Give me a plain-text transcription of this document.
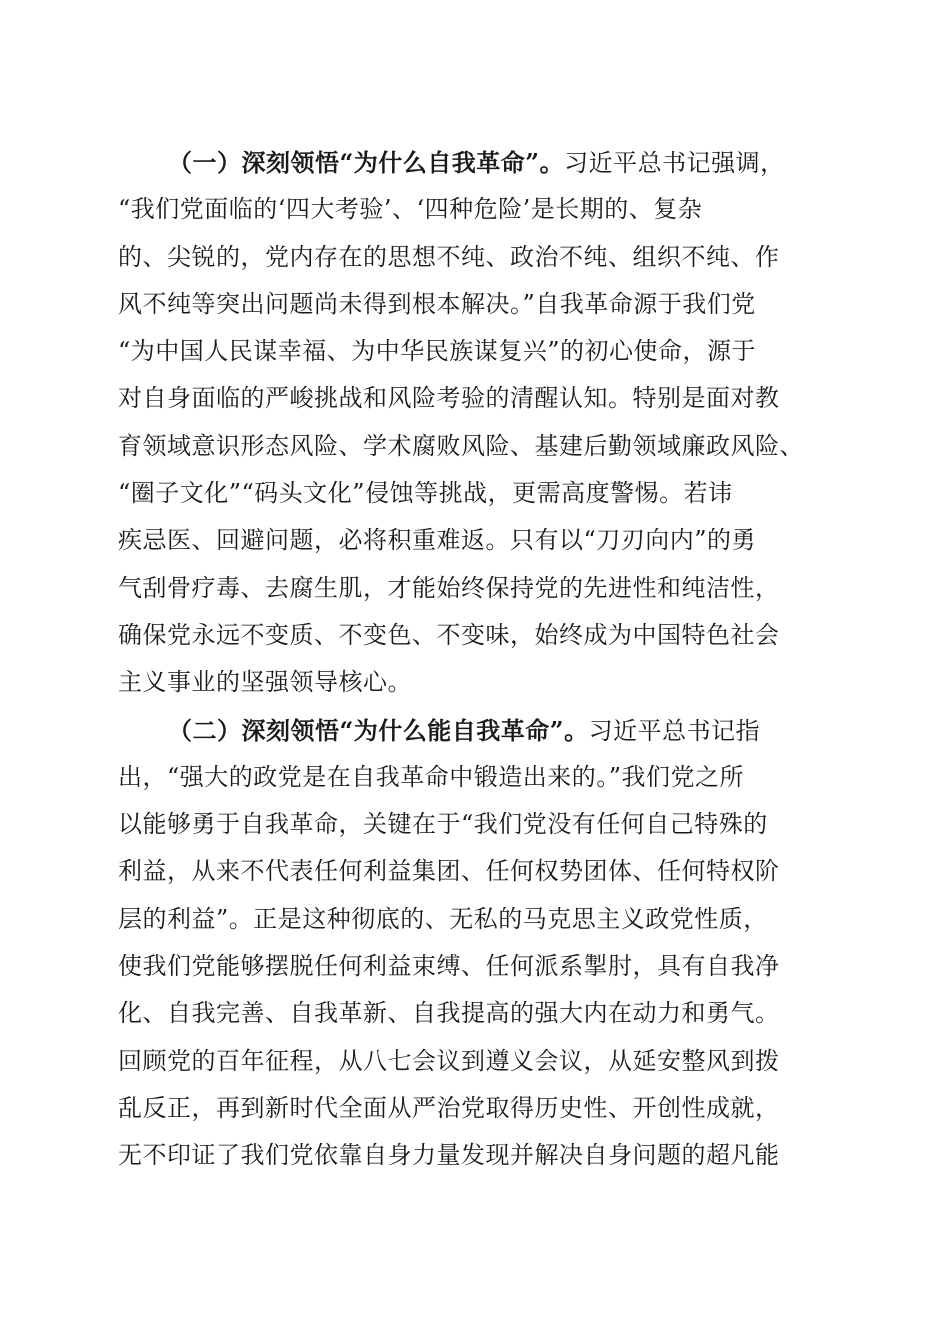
（一）深刻领悟“为什么自我革命”。习近平总书记强调，
“我们党面临的‘四大考验’、‘四种危险’是长期的、复杂
的、尖锐的，党内存在的思想不纯、政治不纯、组织不纯、作
风不纯等突出问题尚未得到根本解决。”自我革命源于我们党
“为中国人民谋幸福、为中华民族谋复兴”的初心使命，源于
对自身面临的严峻挑战和风险考验的清醒认知。特别是面对教
育领域意识形态风险、学术腐败风险、基建后勤领域廉政风险、
“圈子文化”“码头文化”侵蚀等挑战，更需高度警惕。若讳
疾忌医、回避问题，必将积重难返。只有以“刀刃向内”的勇
气刮骨疗毒、去腐生肌，才能始终保持党的先进性和纯洁性，
确保党永远不变质、不变色、不变味，始终成为中国特色社会
主义事业的坚强领导核心。
（二）深刻领悟“为什么能自我革命”。习近平总书记指
出，“强大的政党是在自我革命中锻造出来的。”我们党之所
以能够勇于自我革命，关键在于“我们党没有任何自己特殊的
利益，从来不代表任何利益集团、任何权势团体、任何特权阶
层的利益”。正是这种彻底的、无私的马克思主义政党性质，
使我们党能够摆脱任何利益束缚、任何派系掣肘，具有自我净
化、自我完善、自我革新、自我提高的强大内在动力和勇气。
回顾党的百年征程，从八七会议到遵义会议，从延安整风到拨
乱反正，再到新时代全面从严治党取得历史性、开创性成就，
无不印证了我们党依靠自身力量发现并解决自身问题的超凡能
